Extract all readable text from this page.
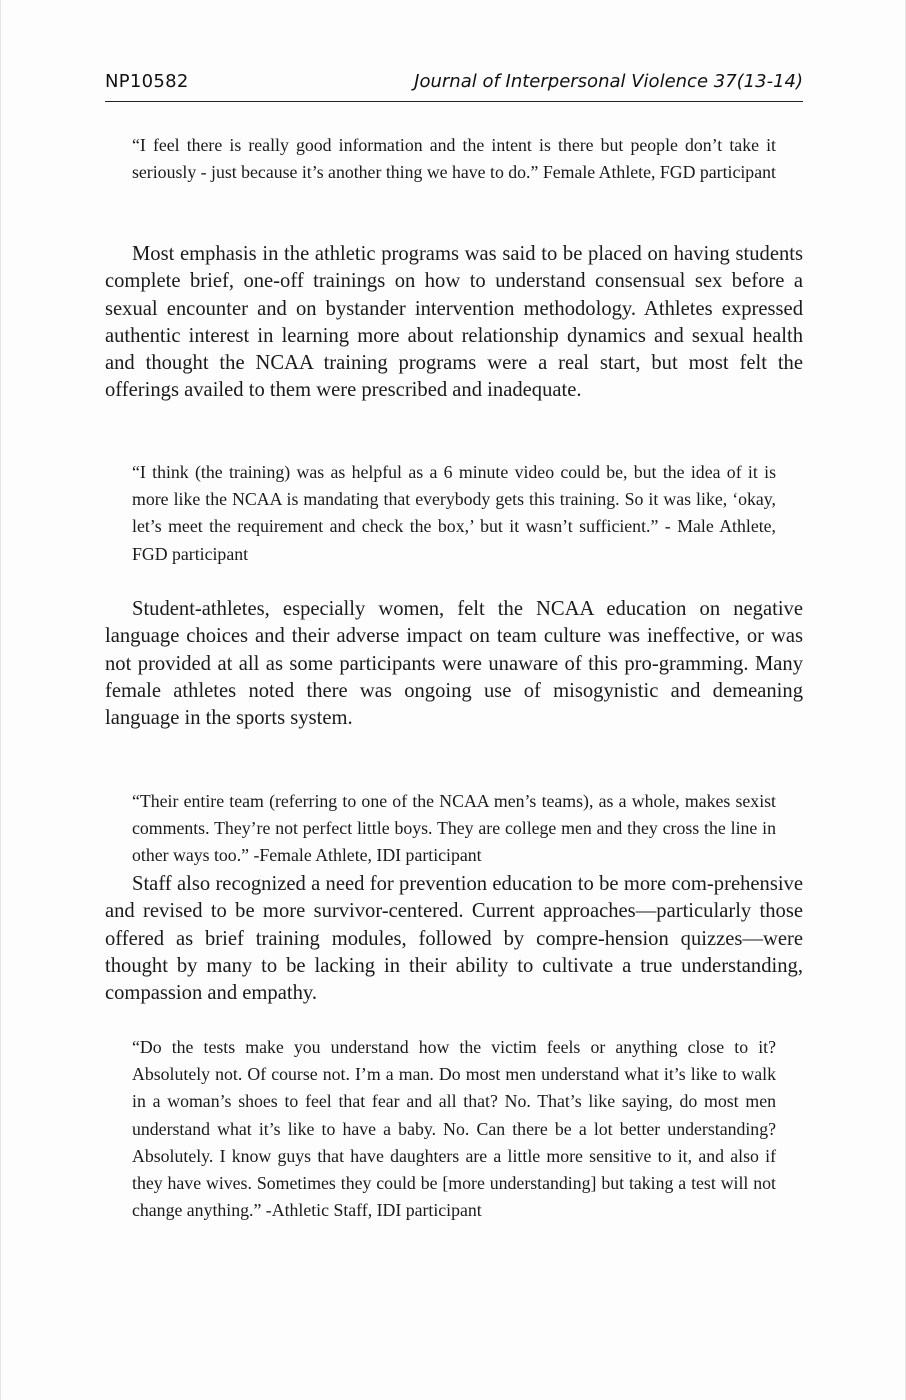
NP10582	Journal of Interpersonal Violence 37(13-14)

“I feel there is really good information and the intent is there but people don’t take it seriously - just because it’s another thing we have to do.” Female Athlete, FGD participant

Most emphasis in the athletic programs was said to be placed on having students complete brief, one-off trainings on how to understand consensual sex before a sexual encounter and on bystander intervention methodology. Athletes expressed authentic interest in learning more about relationship dynamics and sexual health and thought the NCAA training programs were a real start, but most felt the offerings availed to them were prescribed and inadequate.

“I think (the training) was as helpful as a 6 minute video could be, but the idea of it is more like the NCAA is mandating that everybody gets this training. So it was like, ‘okay, let’s meet the requirement and check the box,’ but it wasn’t sufficient.” - Male Athlete, FGD participant

Student-athletes, especially women, felt the NCAA education on negative language choices and their adverse impact on team culture was ineffective, or was not provided at all as some participants were unaware of this pro-gramming. Many female athletes noted there was ongoing use of misogynistic and demeaning language in the sports system.

“Their entire team (referring to one of the NCAA men’s teams), as a whole, makes sexist comments. They’re not perfect little boys. They are college men and they cross the line in other ways too.” -Female Athlete, IDI participant

Staff also recognized a need for prevention education to be more com-prehensive and revised to be more survivor-centered. Current approaches—particularly those offered as brief training modules, followed by compre-hension quizzes—were thought by many to be lacking in their ability to cultivate a true understanding, compassion and empathy.

“Do the tests make you understand how the victim feels or anything close to it? Absolutely not. Of course not. I’m a man. Do most men understand what it’s like to walk in a woman’s shoes to feel that fear and all that? No. That’s like saying, do most men understand what it’s like to have a baby. No. Can there be a lot better understanding? Absolutely. I know guys that have daughters are a little more sensitive to it, and also if they have wives. Sometimes they could be [more understanding] but taking a test will not change anything.” -Athletic Staff, IDI participant
